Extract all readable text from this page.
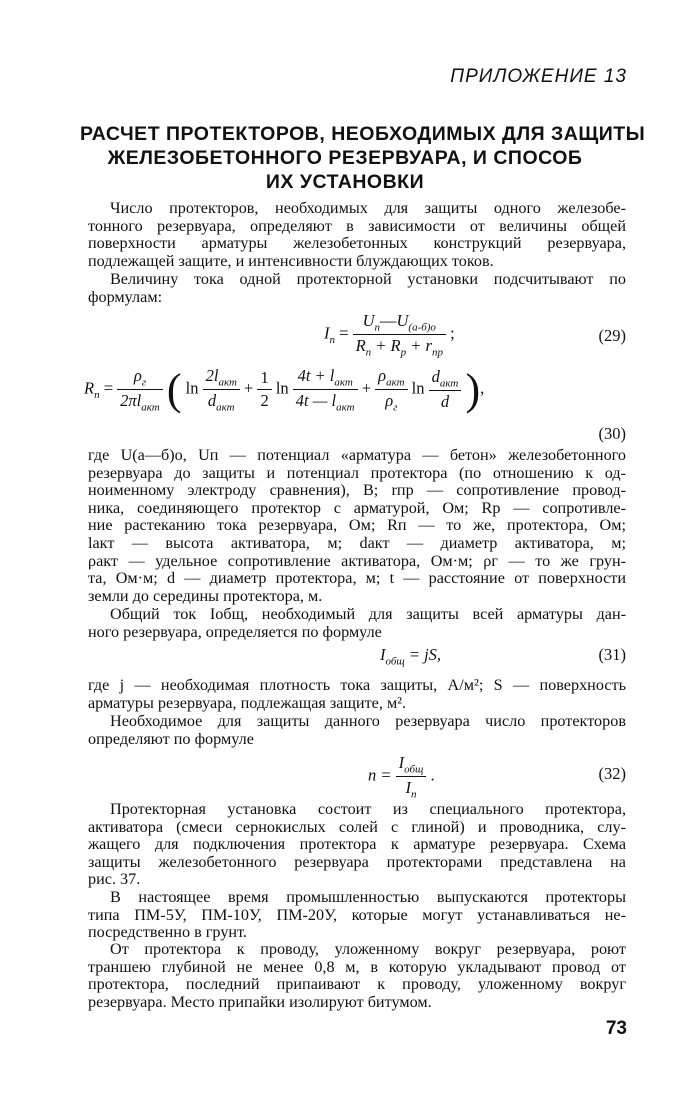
ПРИЛОЖЕНИЕ 13
РАСЧЕТ ПРОТЕКТОРОВ, НЕОБХОДИМЫХ ДЛЯ ЗАЩИТЫ
ЖЕЛЕЗОБЕТОННОГО РЕЗЕРВУАРА, И СПОСОБ
ИХ УСТАНОВКИ
Число протекторов, необходимых для защиты одного железобе-
тонного резервуара, определяют в зависимости от величины общей
поверхности арматуры железобетонных конструкций резервуара,
подлежащей защите, и интенсивности блуждающих токов.
Величину тока одной протекторной установки подсчитывают по
формулам:
$I_п = \frac{U_п—U_{(а-б)о}}{R_п + R_р + r_{пр}}$ ;	(29)
$R_п = \frac{\rho_г}{2\pi l_{акт}}$ ( $\ln \frac{2l_{акт}}{d_{акт}} + \frac{1}{2}$ $\ln \frac{4t + l_{акт}}{4t — l_{акт}} + \frac{\rho_{акт}}{\rho_г}$ $\ln \frac{d_{акт}}{d}$ ),
(30)
где U(а—б)о, Uп — потенциал «арматура — бетон» железобетонного
резервуара до защиты и потенциал протектора (по отношению к од-
ноименному электроду сравнения), В; rпр — сопротивление провод-
ника, соединяющего протектор с арматурой, Ом; Rр — сопротивле-
ние растеканию тока резервуара, Ом; Rп — то же, протектора, Ом;
lакт — высота активатора, м; dакт — диаметр активатора, м;
ρакт — удельное сопротивление активатора, Ом·м; ρг — то же грун-
та, Ом·м; d — диаметр протектора, м; t — расстояние от поверхности
земли до середины протектора, м.
Общий ток Iобщ, необходимый для защиты всей арматуры дан-
ного резервуара, определяется по формуле
$I_{общ}$ = jS,	(31)
где j — необходимая плотность тока защиты, А/м²; S — поверхность
арматуры резервуара, подлежащая защите, м².
Необходимое для защиты данного резервуара число протекторов
определяют по формуле
$n = \frac{I_{общ}}{I_п}$ .	(32)
Протекторная установка состоит из специального протектора,
активатора (смеси сернокислых солей с глиной) и проводника, слу-
жащего для подключения протектора к арматуре резервуара. Схема
защиты железобетонного резервуара протекторами представлена на
рис. 37.
В настоящее время промышленностью выпускаются протекторы
типа ПМ-5У, ПМ-10У, ПМ-20У, которые могут устанавливаться не-
посредственно в грунт.
От протектора к проводу, уложенному вокруг резервуара, роют
траншею глубиной не менее 0,8 м, в которую укладывают провод от
протектора, последний припаивают к проводу, уложенному вокруг
резервуара. Место припайки изолируют битумом.
73
